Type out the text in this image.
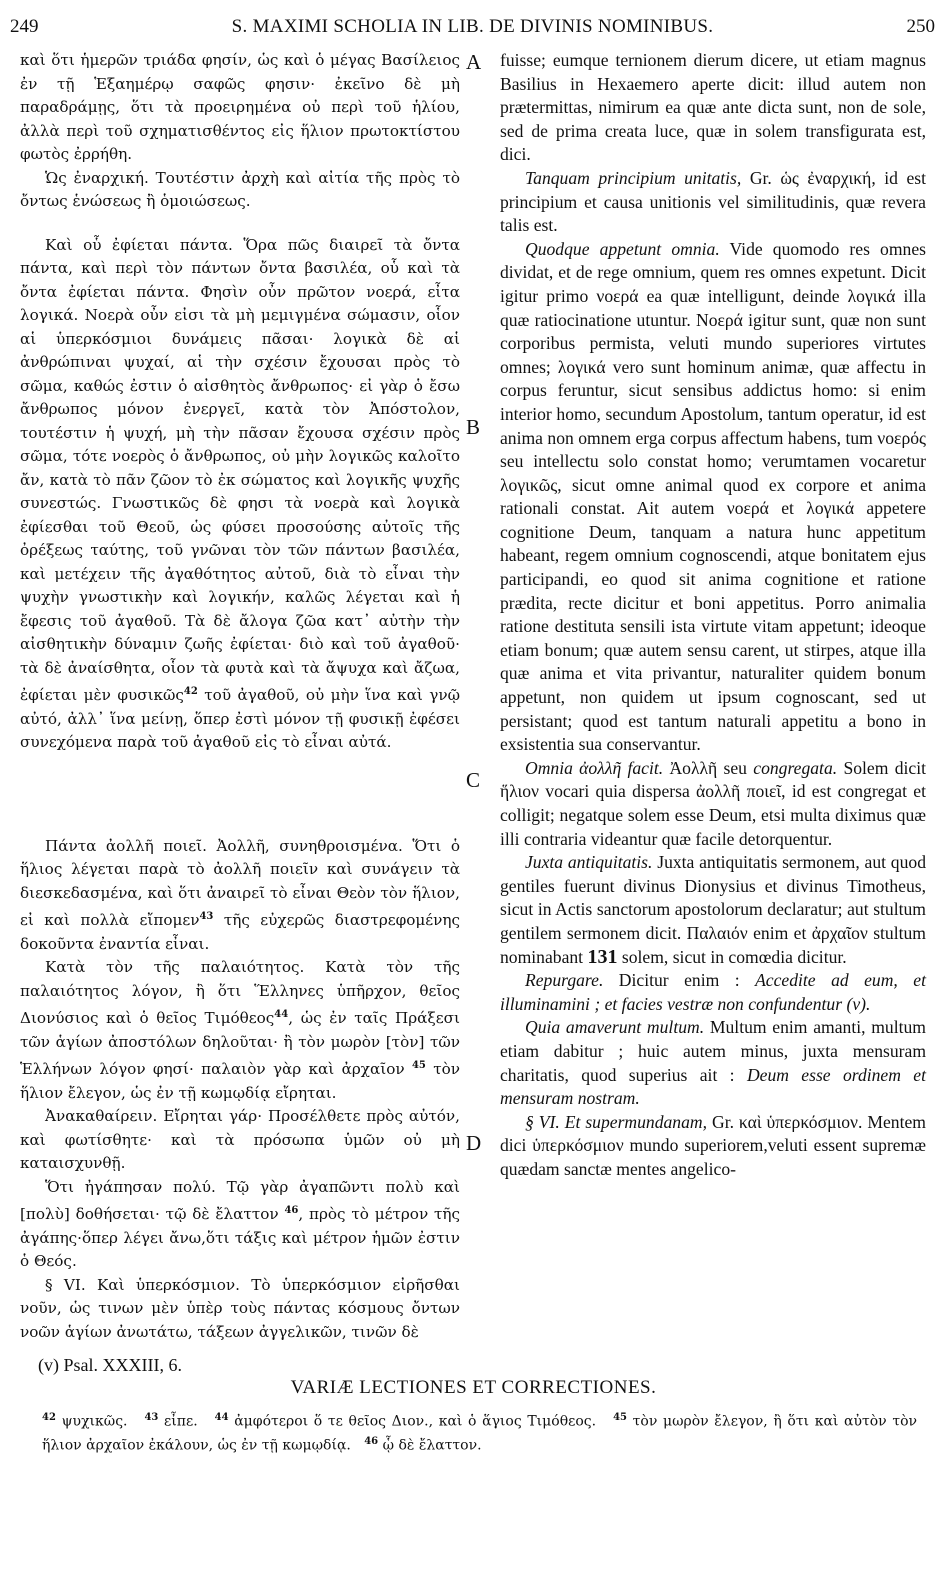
249	S. MAXIMI SCHOLIA IN LIB. DE DIVINIS NOMINIBUS.	250

καὶ ὅτι ἡμερῶν τριάδα φησίν, ὡς καὶ ὁ μέγας Βασίλειος ἐν τῇ Ἑξαημέρῳ σαφῶς φησιν· ἐκεῖνο δὲ μὴ παραδράμῃς, ὅτι τὰ προειρημένα οὐ περὶ τοῦ ἡλίου, ἀλλὰ περὶ τοῦ σχηματισθέντος εἰς ἥλιον πρωτοκτίστου φωτὸς ἐρρήθη.

Ὡς ἐναρχική. Τουτέστιν ἀρχὴ καὶ αἰτία τῆς πρὸς τὸ ὄντως ἑνώσεως ἢ ὁμοιώσεως.

Καὶ οὗ ἐφίεται πάντα. Ὅρα πῶς διαιρεῖ τὰ ὄντα πάντα, καὶ περὶ τὸν πάντων ὄντα βασιλέα, οὗ καὶ τὰ ὄντα ἐφίεται πάντα. Φησὶν οὖν πρῶτον νοερά, εἶτα λογικά. Νοερὰ οὖν εἰσι τὰ μὴ μεμιγμένα σώμασιν, οἷον αἱ ὑπερκόσμιοι δυνάμεις πᾶσαι· λογικὰ δὲ αἱ ἀνθρώπιναι ψυχαί, αἱ τὴν σχέσιν ἔχουσαι πρὸς τὸ σῶμα, καθώς ἐστιν ὁ αἰσθητὸς ἄνθρωπος· εἰ γὰρ ὁ ἔσω ἄνθρωπος μόνον ἐνεργεῖ, κατὰ τὸν Ἀπόστολον, τουτέστιν ἡ ψυχή, μὴ τὴν πᾶσαν ἔχουσα σχέσιν πρὸς σῶμα, τότε νοερὸς ὁ ἄνθρωπος, οὐ μὴν λογικῶς καλοῖτο ἄν, κατὰ τὸ πᾶν ζῶον τὸ ἐκ σώματος καὶ λογικῆς ψυχῆς συνεστώς. Γνωστικῶς δὲ φησι τὰ νοερὰ καὶ λογικὰ ἐφίεσθαι τοῦ Θεοῦ, ὡς φύσει προσούσης αὐτοῖς τῆς ὀρέξεως ταύτης, τοῦ γνῶναι τὸν τῶν πάντων βασιλέα, καὶ μετέχειν τῆς ἀγαθότητος αὐτοῦ, διὰ τὸ εἶναι τὴν ψυχὴν γνωστικὴν καὶ λογικήν, καλῶς λέγεται καὶ ἡ ἔφεσις τοῦ ἀγαθοῦ. Τὰ δὲ ἄλογα ζῶα κατ᾽ αὐτὴν τὴν αἰσθητικὴν δύναμιν ζωῆς ἐφίεται· διὸ καὶ τοῦ ἀγαθοῦ· τὰ δὲ ἀναίσθητα, οἷον τὰ φυτὰ καὶ τὰ ἄψυχα καὶ ἄζωα, ἐφίεται μὲν φυσικῶς$^{42}$ τοῦ ἀγαθοῦ, οὐ μὴν ἵνα καὶ γνῷ αὐτό, ἀλλ᾽ ἵνα μείνῃ, ὅπερ ἐστὶ μόνον τῇ φυσικῇ ἐφέσει συνεχόμενα παρὰ τοῦ ἀγαθοῦ εἰς τὸ εἶναι αὐτά.

Πάντα ἀολλῆ ποιεῖ. Ἀολλῆ, συνηθροισμένα. Ὅτι ὁ ἥλιος λέγεται παρὰ τὸ ἀολλῆ ποιεῖν καὶ συνάγειν τὰ διεσκεδασμένα, καὶ ὅτι ἀναιρεῖ τὸ εἶναι Θεὸν τὸν ἥλιον, εἰ καὶ πολλὰ εἴπομεν$^{43}$ τῆς εὐχερῶς διαστρεφομένης δοκοῦντα ἐναντία εἶναι.

Κατὰ τὸν τῆς παλαιότητος. Κατὰ τὸν τῆς παλαιότητος λόγον, ἢ ὅτι Ἕλληνες ὑπῆρχον, θεῖος Διονύσιος καὶ ὁ θεῖος Τιμόθεος$^{44}$, ὡς ἐν ταῖς Πράξεσι τῶν ἁγίων ἀποστόλων δηλοῦται· ἢ τὸν μωρὸν [τὸν] τῶν Ἑλλήνων λόγον φησί· παλαιὸν γὰρ καὶ ἀρχαῖον $^{45}$ τὸν ἥλιον ἔλεγον, ὡς ἐν τῇ κωμῳδίᾳ εἴρηται.

Ἀνακαθαίρειν. Εἴρηται γάρ· Προσέλθετε πρὸς αὐτόν, καὶ φωτίσθητε· καὶ τὰ πρόσωπα ὑμῶν οὐ μὴ καταισχυνθῇ.

Ὅτι ἠγάπησαν πολύ. Τῷ γὰρ ἀγαπῶντι πολὺ καὶ [πολὺ] δοθήσεται· τῷ δὲ ἔλαττον $^{46}$, πρὸς τὸ μέτρον τῆς ἀγάπης·ὅπερ λέγει ἄνω,ὅτι τάξις καὶ μέτρον ἡμῶν ἐστιν ὁ Θεός.

§ VI. Καὶ ὑπερκόσμιον. Τὸ ὑπερκόσμιον εἰρῆσθαι νοῦν, ὡς τινων μὲν ὑπὲρ τοὺς πάντας κόσμους ὄντων νοῶν ἁγίων ἀνωτάτω, τάξεων ἀγγελικῶν, τινῶν δὲ

A
B
C
D

fuisse; eumque ternionem dierum dicere, ut etiam magnus Basilius in Hexaemero aperte dicit: illud autem non prætermittas, nimirum ea quæ ante dicta sunt, non de sole, sed de prima creata luce, quæ in solem transfigurata est, dici.

Tanquam principium unitatis, Gr. ὡς ἐναρχική, id est principium et causa unitionis vel similitudinis, quæ revera talis est.

Quodque appetunt omnia. Vide quomodo res omnes dividat, et de rege omnium, quem res omnes expetunt. Dicit igitur primo νοερά ea quæ intelligunt, deinde λογικά illa quæ ratiocinatione utuntur. Νοερά igitur sunt, quæ non sunt corporibus permista, veluti mundo superiores virtutes omnes; λογικά vero sunt hominum animæ, quæ affectu in corpus feruntur, sicut sensibus addictus homo: si enim interior homo, secundum Apostolum, tantum operatur, id est anima non omnem erga corpus affectum habens, tum νοερός seu intellectu solo constat homo; verumtamen vocaretur λογικῶς, sicut omne animal quod ex corpore et anima rationali constat. Ait autem νοερά et λογικά appetere cognitione Deum, tanquam a natura hunc appetitum habeant, regem omnium cognoscendi, atque bonitatem ejus participandi, eo quod sit anima cognitione et ratione prædita, recte dicitur et boni appetitus. Porro animalia ratione destituta sensili ista virtute vitam appetunt; ideoque etiam bonum; quæ autem sensu carent, ut stirpes, atque illa quæ anima et vita privantur, naturaliter quidem bonum appetunt, non quidem ut ipsum cognoscant, sed ut persistant; quod est tantum naturali appetitu a bono in exsistentia sua conservantur.

Omnia ἀολλῆ facit. Ἀολλῆ seu congregata. Solem dicit ἥλιον vocari quia dispersa ἀολλῆ ποιεῖ, id est congregat et colligit; negatque solem esse Deum, etsi multa diximus quæ illi contraria videantur quæ facile detorquentur.

Juxta antiquitatis. Juxta antiquitatis sermonem, aut quod gentiles fuerunt divinus Dionysius et divinus Timotheus, sicut in Actis sanctorum apostolorum declaratur; aut stultum gentilem sermonem dicit. Παλαιόν enim et ἀρχαῖον stultum nominabant 131 solem, sicut in comœdia dicitur.

Repurgare. Dicitur enim : Accedite ad eum, et illuminamini ; et facies vestræ non confundentur (v).

Quia amaverunt multum. Multum enim amanti, multum etiam dabitur ; huic autem minus, juxta mensuram charitatis, quod superius ait : Deum esse ordinem et mensuram nostram.

§ VI. Et supermundanam, Gr. καὶ ὑπερκόσμιον. Mentem dici ὑπερκόσμιον mundo superiorem,veluti essent supremæ quædam sanctæ mentes angelico-

(v) Psal. XXXIII, 6.
VARIÆ LECTIONES ET CORRECTIONES.
$^{42}$ ψυχικῶς. $^{43}$ εἶπε. $^{44}$ ἀμφότεροι ὅ τε θεῖος Διον., καὶ ὁ ἅγιος Τιμόθεος. $^{45}$ τὸν μωρὸν ἔλεγον, ἢ ὅτι καὶ αὐτὸν τὸν ἥλιον ἀρχαῖον ἐκάλουν, ὡς ἐν τῇ κωμῳδίᾳ. $^{46}$ ᾧ δὲ ἔλαττον.
